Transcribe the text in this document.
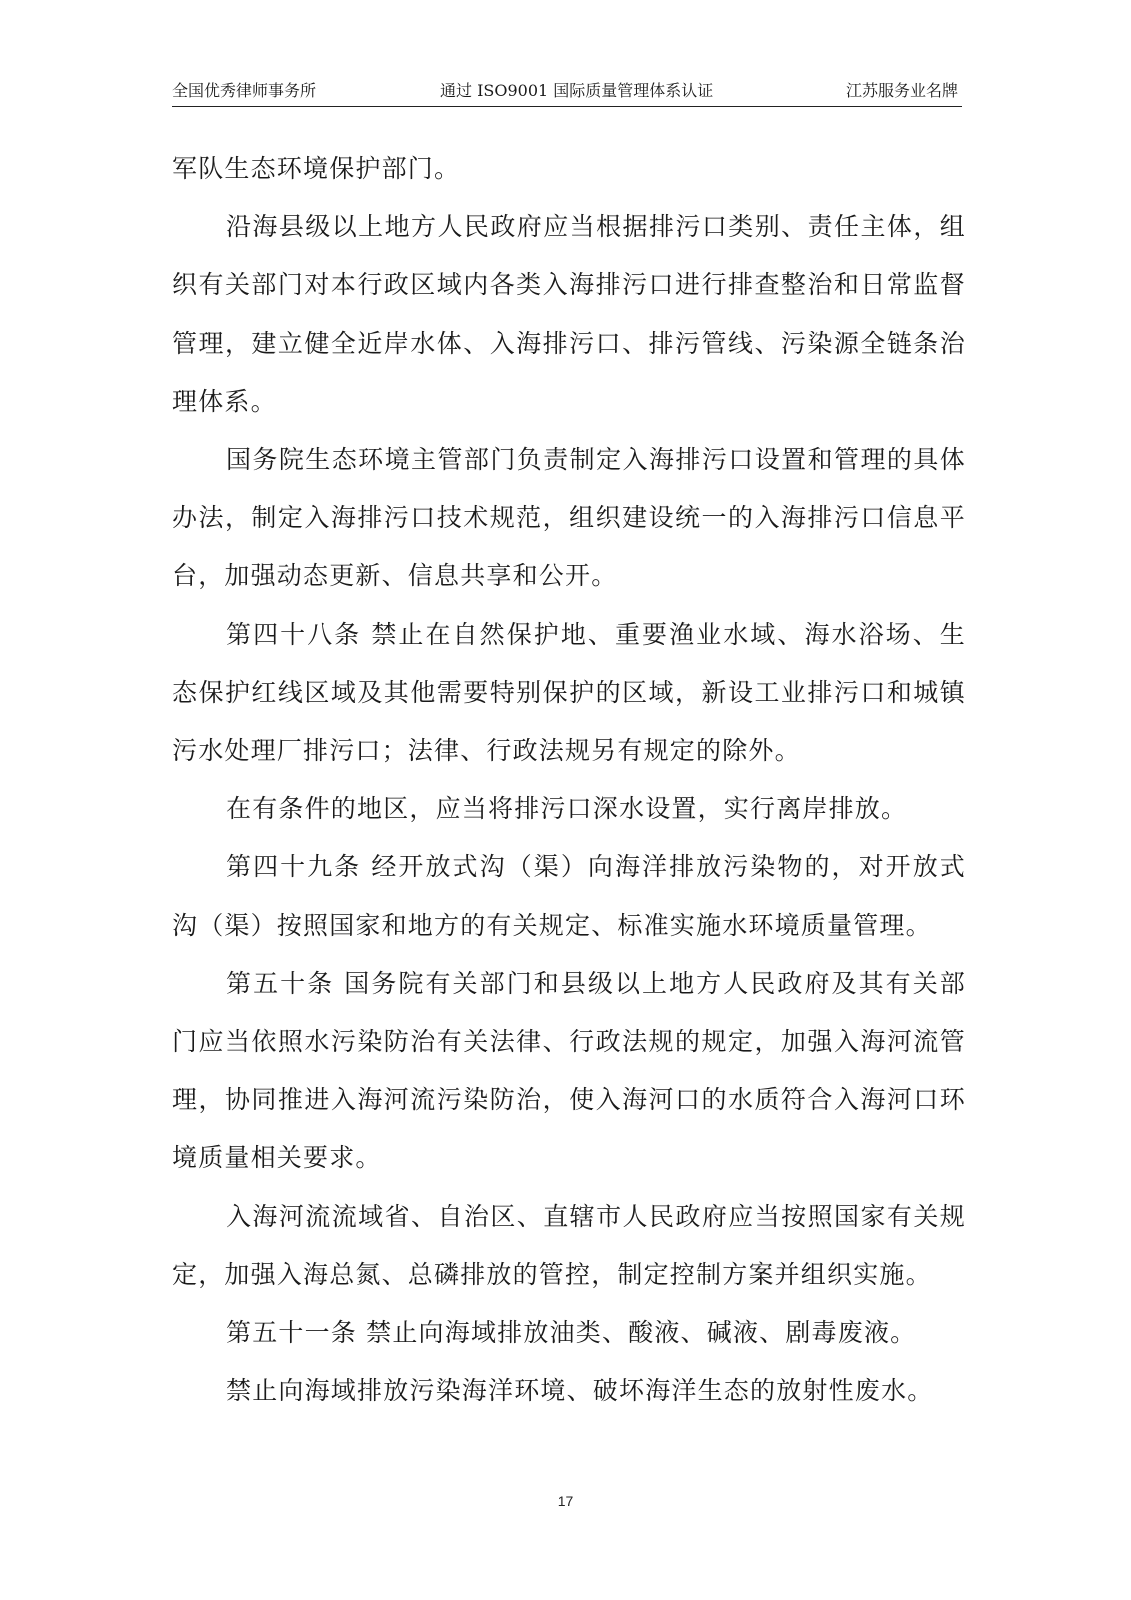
全国优秀律师事务所	通过 ISO9001 国际质量管理体系认证	江苏服务业名牌

军队生态环境保护部门。

沿海县级以上地方人民政府应当根据排污口类别、责任主体，组织有关部门对本行政区域内各类入海排污口进行排查整治和日常监督管理，建立健全近岸水体、入海排污口、排污管线、污染源全链条治理体系。

国务院生态环境主管部门负责制定入海排污口设置和管理的具体办法，制定入海排污口技术规范，组织建设统一的入海排污口信息平台，加强动态更新、信息共享和公开。

第四十八条 禁止在自然保护地、重要渔业水域、海水浴场、生态保护红线区域及其他需要特别保护的区域，新设工业排污口和城镇污水处理厂排污口；法律、行政法规另有规定的除外。

在有条件的地区，应当将排污口深水设置，实行离岸排放。

第四十九条 经开放式沟（渠）向海洋排放污染物的，对开放式沟（渠）按照国家和地方的有关规定、标准实施水环境质量管理。

第五十条 国务院有关部门和县级以上地方人民政府及其有关部门应当依照水污染防治有关法律、行政法规的规定，加强入海河流管理，协同推进入海河流污染防治，使入海河口的水质符合入海河口环境质量相关要求。

入海河流流域省、自治区、直辖市人民政府应当按照国家有关规定，加强入海总氮、总磷排放的管控，制定控制方案并组织实施。

第五十一条 禁止向海域排放油类、酸液、碱液、剧毒废液。

禁止向海域排放污染海洋环境、破坏海洋生态的放射性废水。

17
